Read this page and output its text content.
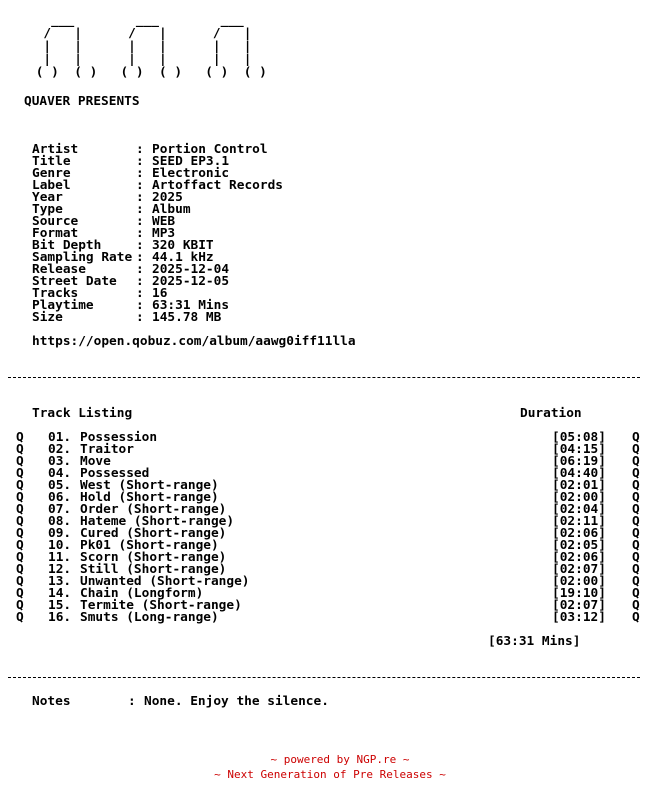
___        ___        ___
/   |      /   |      /   |
|   |      |   |      |   |
|   |      |   |      |   |
( )  ( )   ( )  ( )   ( )  ( )
QUAVER PRESENTS
Artist	: Portion Control
Title	: SEED EP3.1
Genre	: Electronic
Label	: Artoffact Records
Year	: 2025
Type	: Album
Source	: WEB
Format	: MP3
Bit Depth	: 320 KBIT
Sampling Rate : 44.1 kHz
Release	: 2025-12-04
Street Date : 2025-12-05
Tracks	: 16
Playtime	: 63:31 Mins
Size	: 145.78 MB
https://open.qobuz.com/album/aawg0iff11lla
Track Listing	Duration
Q 01. Possession	[05:08] Q
Q 02. Traitor	[04:15] Q
Q 03. Move	[06:19] Q
Q 04. Possessed	[04:40] Q
Q 05. West (Short-range)	[02:01] Q
Q 06. Hold (Short-range)	[02:00] Q
Q 07. Order (Short-range)	[02:04] Q
Q 08. Hateme (Short-range)	[02:11] Q
Q 09. Cured (Short-range)	[02:06] Q
Q 10. Pk01 (Short-range)	[02:05] Q
Q 11. Scorn (Short-range)	[02:06] Q
Q 12. Still (Short-range)	[02:07] Q
Q 13. Unwanted (Short-range)	[02:00] Q
Q 14. Chain (Longform)	[19:10] Q
Q 15. Termite (Short-range)	[02:07] Q
Q 16. Smuts (Long-range)	[03:12] Q
[63:31 Mins]
Notes	: None. Enjoy the silence.
~ powered by NGP.re ~
~ Next Generation of Pre Releases ~
